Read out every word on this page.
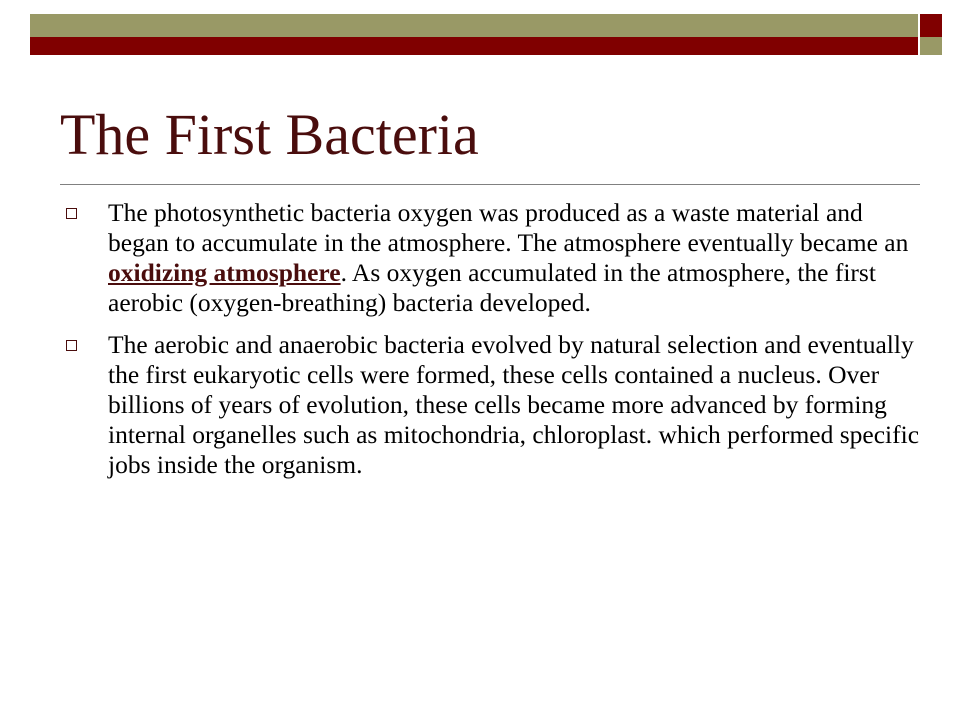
The First Bacteria
The photosynthetic bacteria oxygen was produced as a waste material and began to accumulate in the atmosphere. The atmosphere eventually became an oxidizing atmosphere. As oxygen accumulated in the atmosphere, the first aerobic (oxygen-breathing) bacteria developed.
The aerobic and anaerobic bacteria evolved by natural selection and eventually the first eukaryotic cells were formed, these cells contained a nucleus. Over billions of years of evolution, these cells became more advanced by forming internal organelles such as mitochondria, chloroplast. which performed specific jobs inside the organism.
